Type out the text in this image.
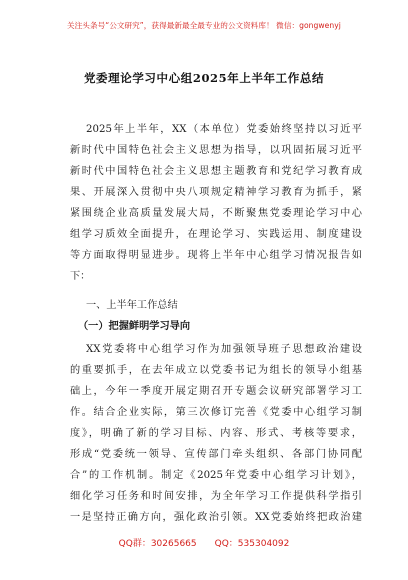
关注头条号“公文研究”，获得最新最全最专业的公文资料库！ 微信：gongwenyj
党委理论学习中心组2025年上半年工作总结
2025年上半年，XX（本单位）党委始终坚持以习近平
新时代中国特色社会主义思想为指导，以巩固拓展习近平
新时代中国特色社会主义思想主题教育和党纪学习教育成
果、开展深入贯彻中央八项规定精神学习教育为抓手，紧
紧围绕企业高质量发展大局，不断聚焦党委理论学习中心
组学习质效全面提升，在理论学习、实践运用、制度建设
等方面取得明显进步。现将上半年中心组学习情况报告如
下：
一、上半年工作总结
（一）把握鲜明学习导向
XX党委将中心组学习作为加强领导班子思想政治建设
的重要抓手，在去年成立以党委书记为组长的领导小组基
础上，今年一季度开展定期召开专题会议研究部署学习工
作。结合企业实际，第三次修订完善《党委中心组学习制
度》，明确了新的学习目标、内容、形式、考核等要求，
形成“党委统一领导、宣传部门牵头组织、各部门协同配
合”的工作机制。制定《2025年党委中心组学习计划》，
细化学习任务和时间安排，为全年学习工作提供科学指引
一是坚持正确方向，强化政治引领。XX党委始终把政治建
QQ群：30265665 QQ：535304092
